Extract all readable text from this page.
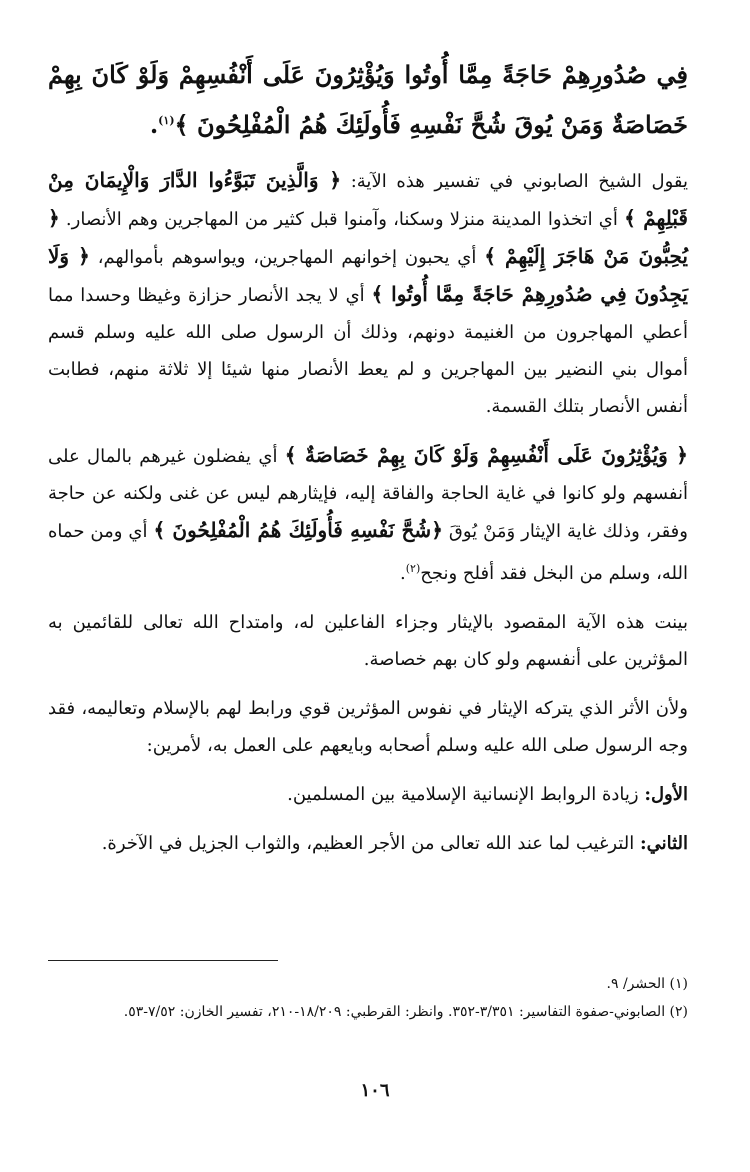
فِي صُدُورِهِمْ حَاجَةً مِمَّا أُوتُوا وَيُؤْثِرُونَ عَلَى أَنْفُسِهِمْ وَلَوْ كَانَ بِهِمْ خَصَاصَةٌ وَمَنْ يُوقَ شُحَّ نَفْسِهِ فَأُولَئِكَ هُمُ الْمُفْلِحُونَ ﴾$^{(١)}$.

يقول الشيخ الصابوني في تفسير هذه الآية: ﴿ وَالَّذِينَ تَبَوَّءُوا الدَّارَ وَالْإِيمَانَ مِنْ قَبْلِهِمْ ﴾ أي اتخذوا المدينة منزلا وسكنا، وآمنوا قبل كثير من المهاجرين وهم الأنصار. ﴿ يُحِبُّونَ مَنْ هَاجَرَ إِلَيْهِمْ ﴾ أي يحبون إخوانهم المهاجرين، ويواسوهم بأموالهم، ﴿ وَلَا يَجِدُونَ فِي صُدُورِهِمْ حَاجَةً مِمَّا أُوتُوا ﴾ أي لا يجد الأنصار حزازة وغيظا وحسدا مما أعطي المهاجرون من الغنيمة دونهم، وذلك أن الرسول صلى الله عليه وسلم قسم أموال بني النضير بين المهاجرين و لم يعط الأنصار منها شيئا إلا ثلاثة منهم، فطابت أنفس الأنصار بتلك القسمة.

﴿ وَيُؤْثِرُونَ عَلَى أَنْفُسِهِمْ وَلَوْ كَانَ بِهِمْ خَصَاصَةٌ ﴾ أي يفضلون غيرهم بالمال على أنفسهم ولو كانوا في غاية الحاجة والفاقة إليه، فإيثارهم ليس عن غنى ولكنه عن حاجة وفقر، وذلك غاية الإيثار وَمَنْ يُوقَ ﴿شُحَّ نَفْسِهِ فَأُولَئِكَ هُمُ الْمُفْلِحُونَ ﴾ أي ومن حماه الله، وسلم من البخل فقد أفلح ونجح$^{(٢)}$.

بينت هذه الآية المقصود بالإيثار وجزاء الفاعلين له، وامتداح الله تعالى للقائمين به المؤثرين على أنفسهم ولو كان بهم خصاصة.

ولأن الأثر الذي يتركه الإيثار في نفوس المؤثرين قوي ورابط لهم بالإسلام وتعاليمه، فقد وجه الرسول صلى الله عليه وسلم أصحابه وبايعهم على العمل به، لأمرين:

الأول: زيادة الروابط الإنسانية الإسلامية بين المسلمين.

الثاني: الترغيب لما عند الله تعالى من الأجر العظيم، والثواب الجزيل في الآخرة.

(١) الحشر/ ٩.

(٢) الصابوني-صفوة التفاسير: ٣/٣٥١-٣٥٢. وانظر: القرطبي: ١٨/٢٠٩-٢١٠، تفسير الخازن: ٧/٥٢-٥٣.

١٠٦
